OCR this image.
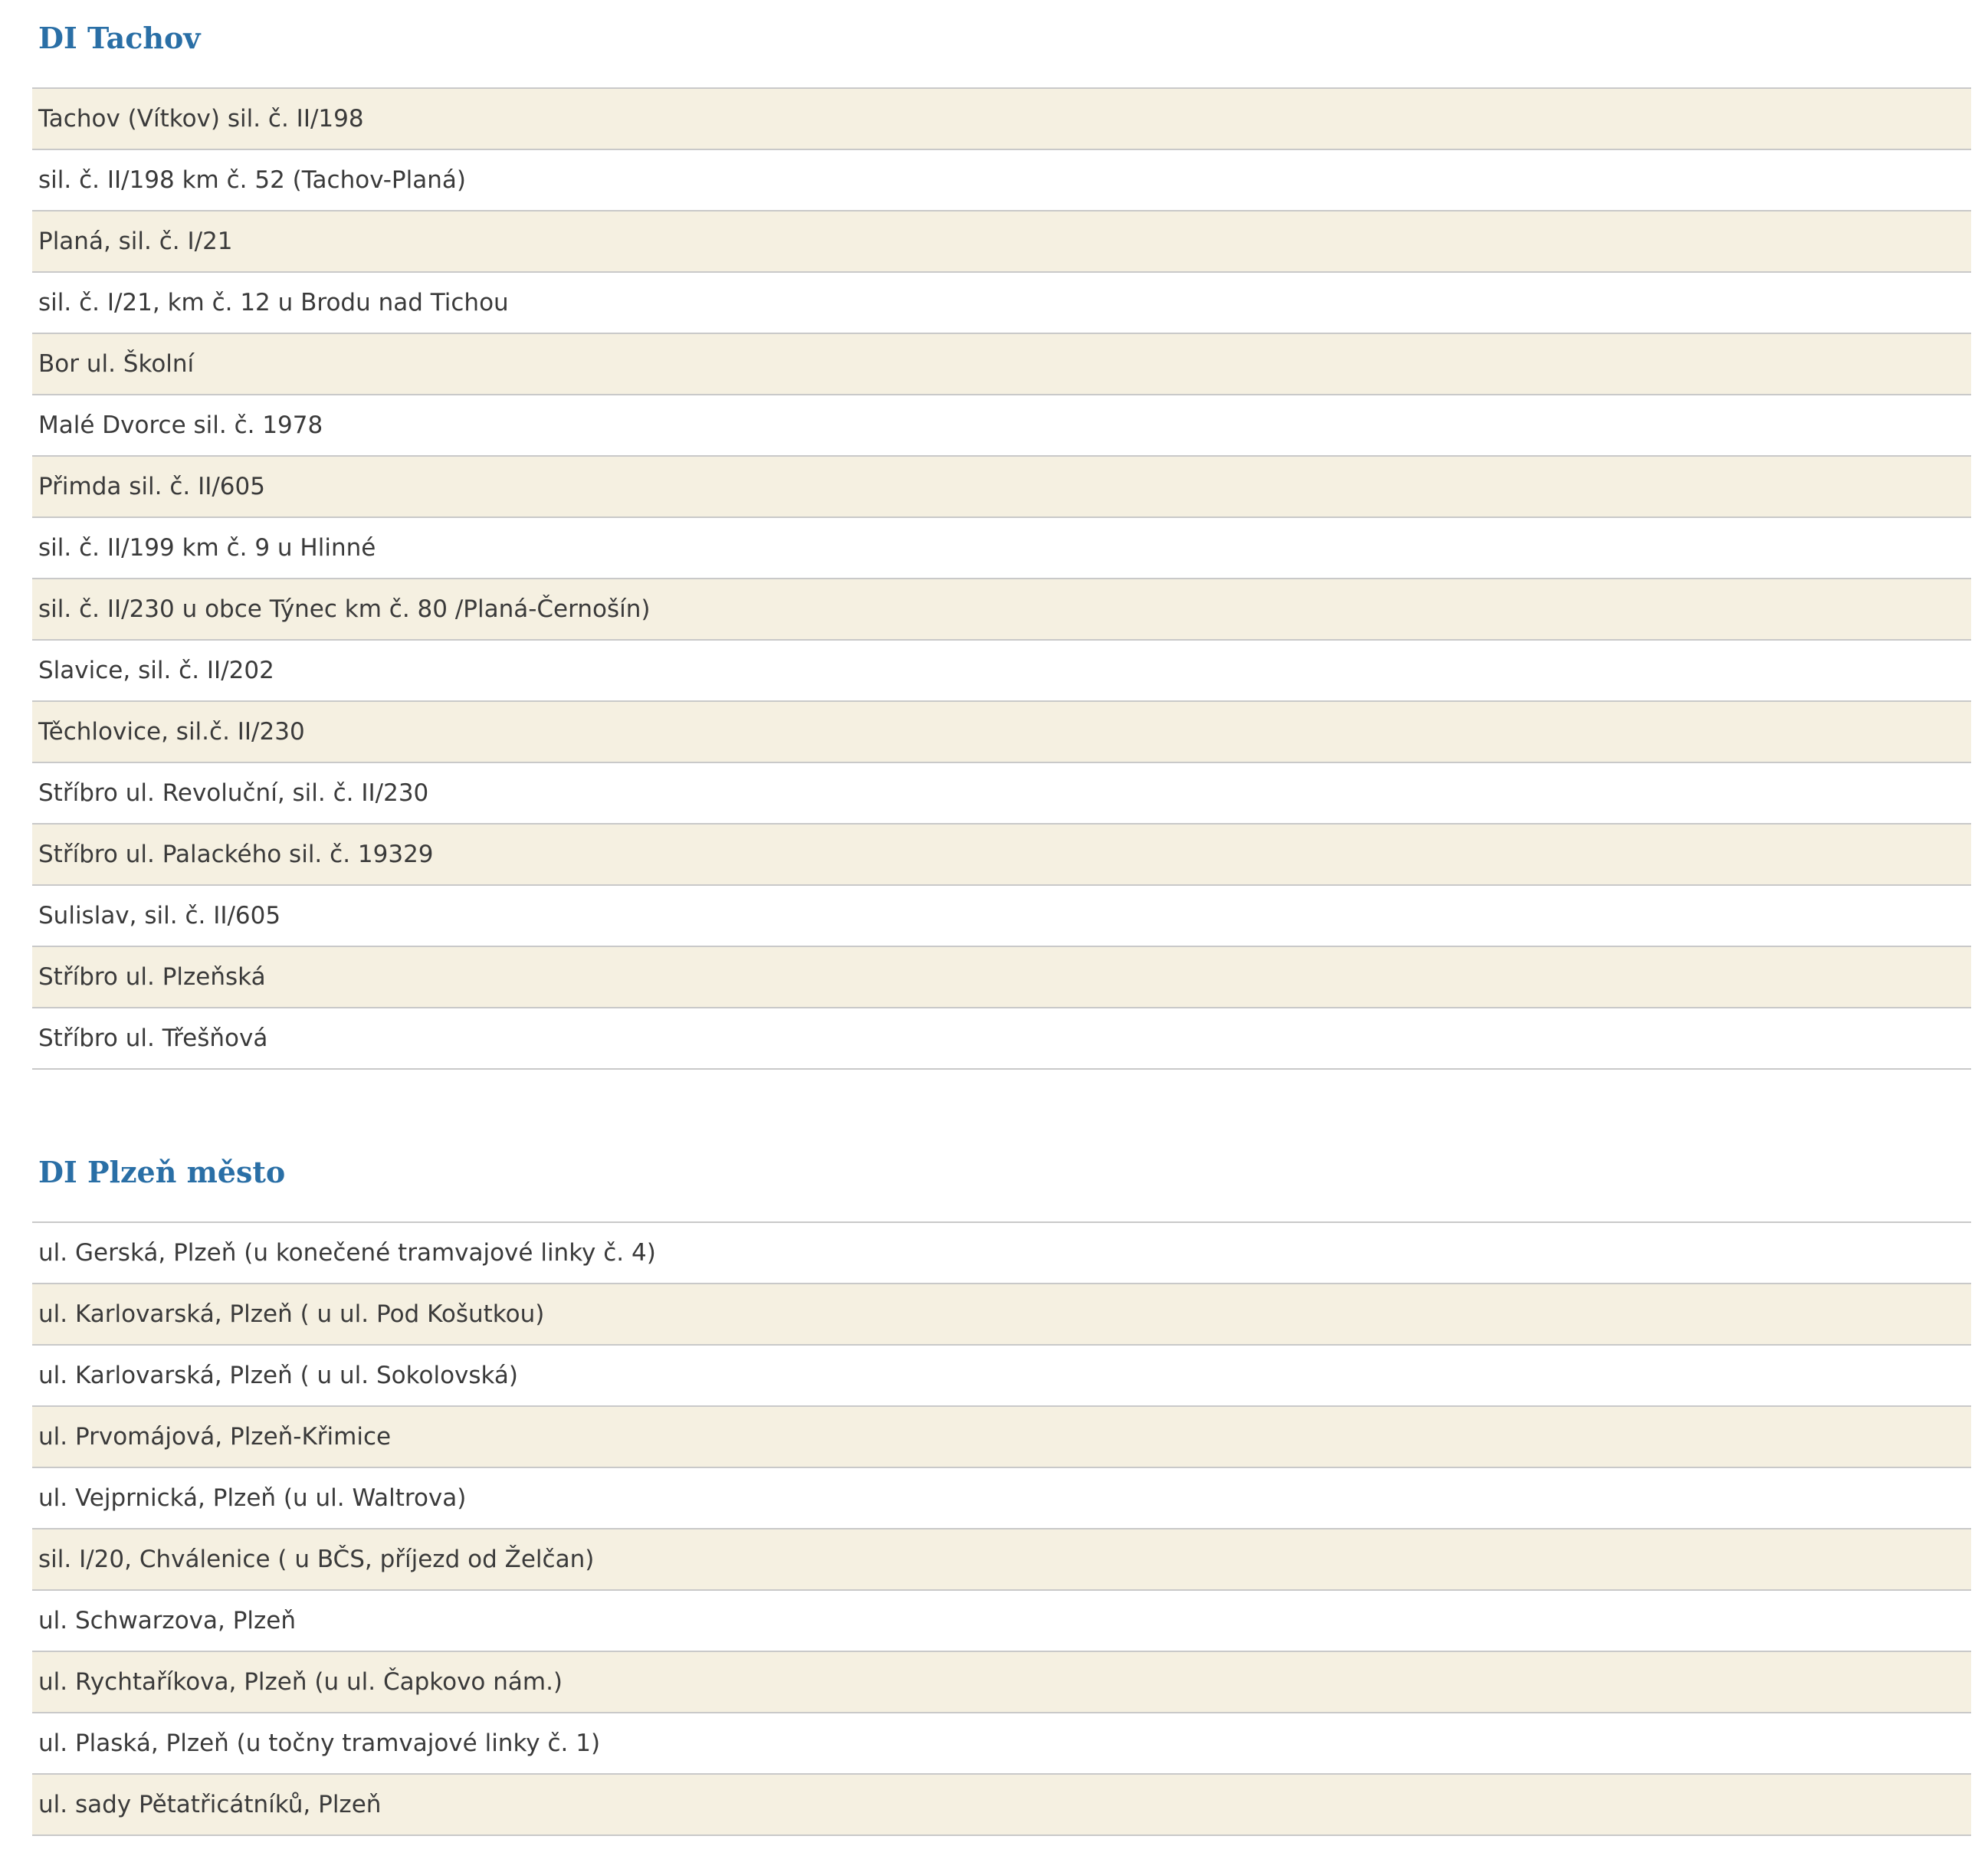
DI Tachov
Tachov (Vítkov) sil. č. II/198
sil. č. II/198 km č. 52 (Tachov-Planá)
Planá, sil. č. I/21
sil. č. I/21, km č. 12 u Brodu nad Tichou
Bor ul. Školní
Malé Dvorce sil. č. 1978
Přimda sil. č. II/605
sil. č. II/199 km č. 9 u Hlinné
sil. č. II/230 u obce Týnec km č. 80 /Planá-Černošín)
Slavice, sil. č. II/202
Těchlovice, sil.č. II/230
Stříbro ul. Revoluční, sil. č. II/230
Stříbro ul. Palackého sil. č. 19329
Sulislav, sil. č. II/605
Stříbro ul. Plzeňská
Stříbro ul. Třešňová
DI Plzeň město
ul. Gerská, Plzeň (u konečené tramvajové linky č. 4)
ul. Karlovarská, Plzeň ( u ul. Pod Košutkou)
ul. Karlovarská, Plzeň ( u ul. Sokolovská)
ul. Prvomájová, Plzeň-Křimice
ul. Vejprnická, Plzeň (u ul. Waltrova)
sil. I/20, Chválenice ( u BČS, příjezd od Želčan)
ul. Schwarzova, Plzeň
ul. Rychtaříkova, Plzeň (u ul. Čapkovo nám.)
ul. Plaská, Plzeň (u točny tramvajové linky č. 1)
ul. sady Pětatřicátníků, Plzeň
